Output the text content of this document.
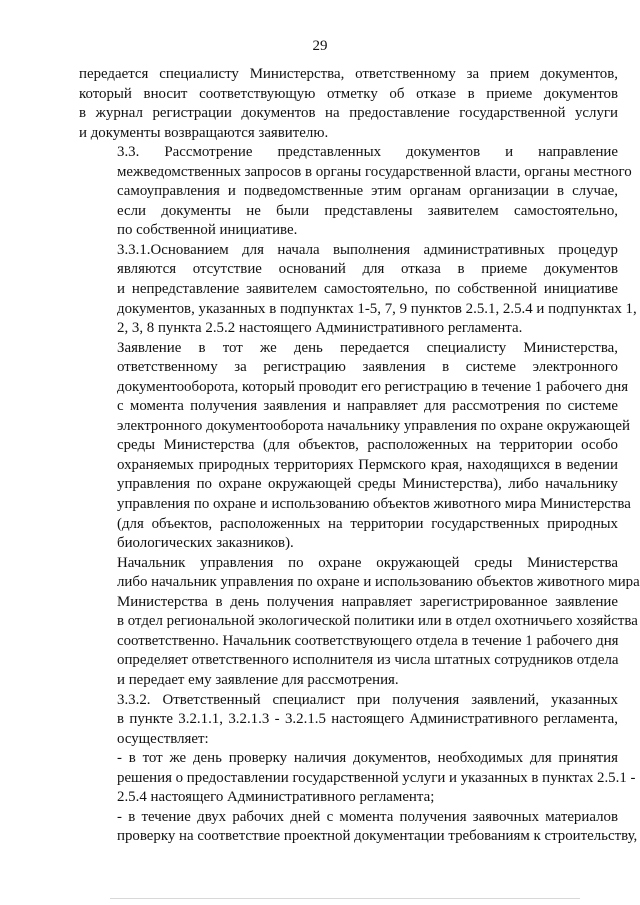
29

передается специалисту Министерства, ответственному за прием документов,
который вносит соответствующую отметку об отказе в приеме документов
в журнал регистрации документов на предоставление государственной услуги
и документы возвращаются заявителю.

3.3. Рассмотрение представленных документов и направление
межведомственных запросов в органы государственной власти, органы местного
самоуправления и подведомственные этим органам организации в случае,
если документы не были представлены заявителем самостоятельно,
по собственной инициативе.

3.3.1.Основанием для начала выполнения административных процедур
являются отсутствие оснований для отказа в приеме документов
и непредставление заявителем самостоятельно, по собственной инициативе
документов, указанных в подпунктах 1-5, 7, 9 пунктов 2.5.1, 2.5.4 и подпунктах 1,
2, 3, 8 пункта 2.5.2 настоящего Административного регламента.

Заявление в тот же день передается специалисту Министерства,
ответственному за регистрацию заявления в системе электронного
документооборота, который проводит его регистрацию в течение 1 рабочего дня
с момента получения заявления и направляет для рассмотрения по системе
электронного документооборота начальнику управления по охране окружающей
среды Министерства (для объектов, расположенных на территории особо
охраняемых природных территориях Пермского края, находящихся в ведении
управления по охране окружающей среды Министерства), либо начальнику
управления по охране и использованию объектов животного мира Министерства
(для объектов, расположенных на территории государственных природных
биологических заказников).

Начальник управления по охране окружающей среды Министерства
либо начальник управления по охране и использованию объектов животного мира
Министерства в день получения направляет зарегистрированное заявление
в отдел региональной экологической политики или в отдел охотничьего хозяйства
соответственно. Начальник соответствующего отдела в течение 1 рабочего дня
определяет ответственного исполнителя из числа штатных сотрудников отдела
и передает ему заявление для рассмотрения.

3.3.2. Ответственный специалист при получения заявлений, указанных
в пункте 3.2.1.1, 3.2.1.3 - 3.2.1.5 настоящего Административного регламента,
осуществляет:

- в тот же день проверку наличия документов, необходимых для принятия
решения о предоставлении государственной услуги и указанных в пунктах 2.5.1 -
2.5.4 настоящего Административного регламента;

- в течение двух рабочих дней с момента получения заявочных материалов
проверку на соответствие проектной документации требованиям к строительству,
